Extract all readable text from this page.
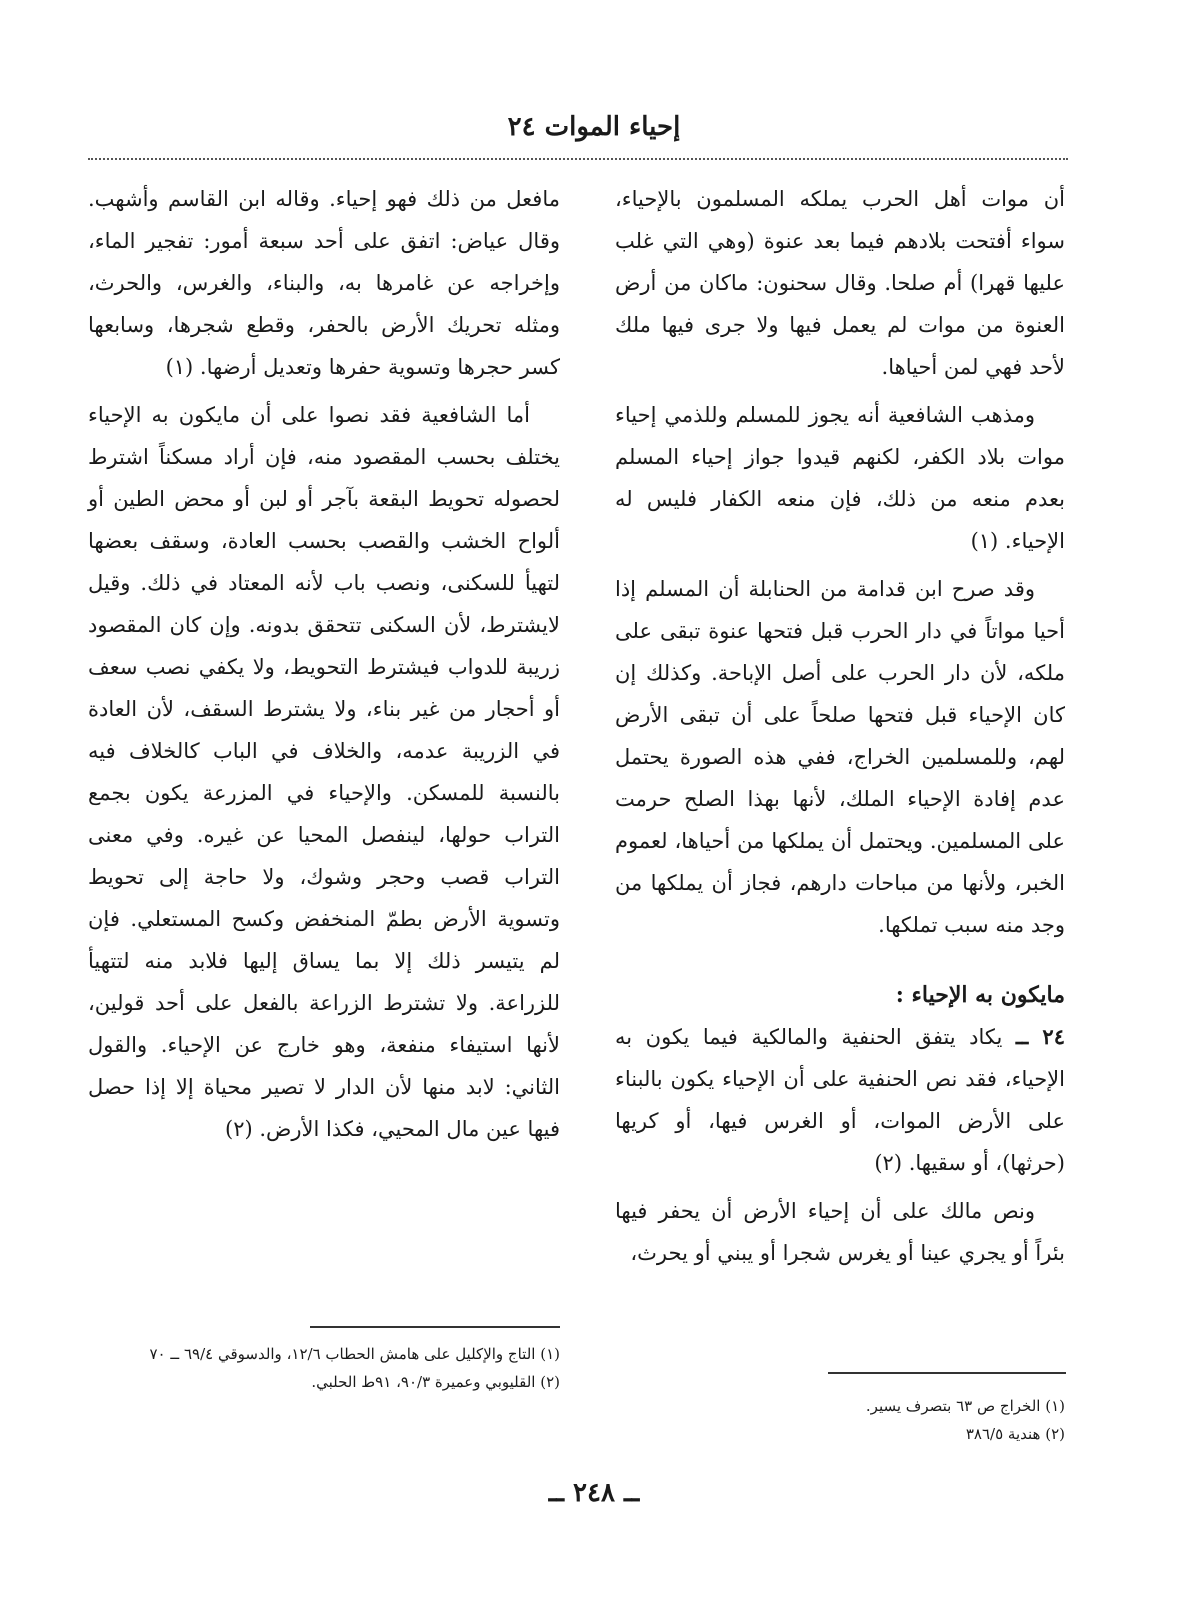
إحياء الموات ٢٤

أن موات أهل الحرب يملكه المسلمون بالإحياء، سواء أفتحت بلادهم فيما بعد عنوة (وهي التي غلب عليها قهرا) أم صلحا. وقال سحنون: ماكان من أرض العنوة من موات لم يعمل فيها ولا جرى فيها ملك لأحد فهي لمن أحياها.

ومذهب الشافعية أنه يجوز للمسلم وللذمي إحياء موات بلاد الكفر، لكنهم قيدوا جواز إحياء المسلم بعدم منعه من ذلك، فإن منعه الكفار فليس له الإحياء. (١)

وقد صرح ابن قدامة من الحنابلة أن المسلم إذا أحيا مواتاً في دار الحرب قبل فتحها عنوة تبقى على ملكه، لأن دار الحرب على أصل الإباحة. وكذلك إن كان الإحياء قبل فتحها صلحاً على أن تبقى الأرض لهم، وللمسلمين الخراج، ففي هذه الصورة يحتمل عدم إفادة الإحياء الملك، لأنها بهذا الصلح حرمت على المسلمين. ويحتمل أن يملكها من أحياها، لعموم الخبر، ولأنها من مباحات دارهم، فجاز أن يملكها من وجد منه سبب تملكها.

مايكون به الإحياء :

٢٤ ــ يكاد يتفق الحنفية والمالكية فيما يكون به الإحياء، فقد نص الحنفية على أن الإحياء يكون بالبناء على الأرض الموات، أو الغرس فيها، أو كريها (حرثها)، أو سقيها. (٢)

ونص مالك على أن إحياء الأرض أن يحفر فيها بئراً أو يجري عينا أو يغرس شجرا أو يبني أو يحرث،

مافعل من ذلك فهو إحياء. وقاله ابن القاسم وأشهب. وقال عياض: اتفق على أحد سبعة أمور: تفجير الماء، وإخراجه عن غامرها به، والبناء، والغرس، والحرث، ومثله تحريك الأرض بالحفر، وقطع شجرها، وسابعها كسر حجرها وتسوية حفرها وتعديل أرضها. (١)

أما الشافعية فقد نصوا على أن مايكون به الإحياء يختلف بحسب المقصود منه، فإن أراد مسكناً اشترط لحصوله تحويط البقعة بآجر أو لبن أو محض الطين أو ألواح الخشب والقصب بحسب العادة، وسقف بعضها لتهيأ للسكنى، ونصب باب لأنه المعتاد في ذلك. وقيل لايشترط، لأن السكنى تتحقق بدونه. وإن كان المقصود زريبة للدواب فيشترط التحويط، ولا يكفي نصب سعف أو أحجار من غير بناء، ولا يشترط السقف، لأن العادة في الزريبة عدمه، والخلاف في الباب كالخلاف فيه بالنسبة للمسكن. والإحياء في المزرعة يكون بجمع التراب حولها، لينفصل المحيا عن غيره. وفي معنى التراب قصب وحجر وشوك، ولا حاجة إلى تحويط وتسوية الأرض بطمّ المنخفض وكسح المستعلي. فإن لم يتيسر ذلك إلا بما يساق إليها فلابد منه لتتهيأ للزراعة. ولا تشترط الزراعة بالفعل على أحد قولين، لأنها استيفاء منفعة، وهو خارج عن الإحياء. والقول الثاني: لابد منها لأن الدار لا تصير محياة إلا إذا حصل فيها عين مال المحيي، فكذا الأرض. (٢)

(١) الخراج ص ٦٣ بتصرف يسير.
(٢) هندية ٣٨٦/٥
(١) التاج والإكليل على هامش الحطاب ١٢/٦، والدسوقي ٦٩/٤ ــ ٧٠
(٢) القليوبي وعميرة ٩٠/٣، ٩١ط الحلبي.
ــ ٢٤٨ ــ
